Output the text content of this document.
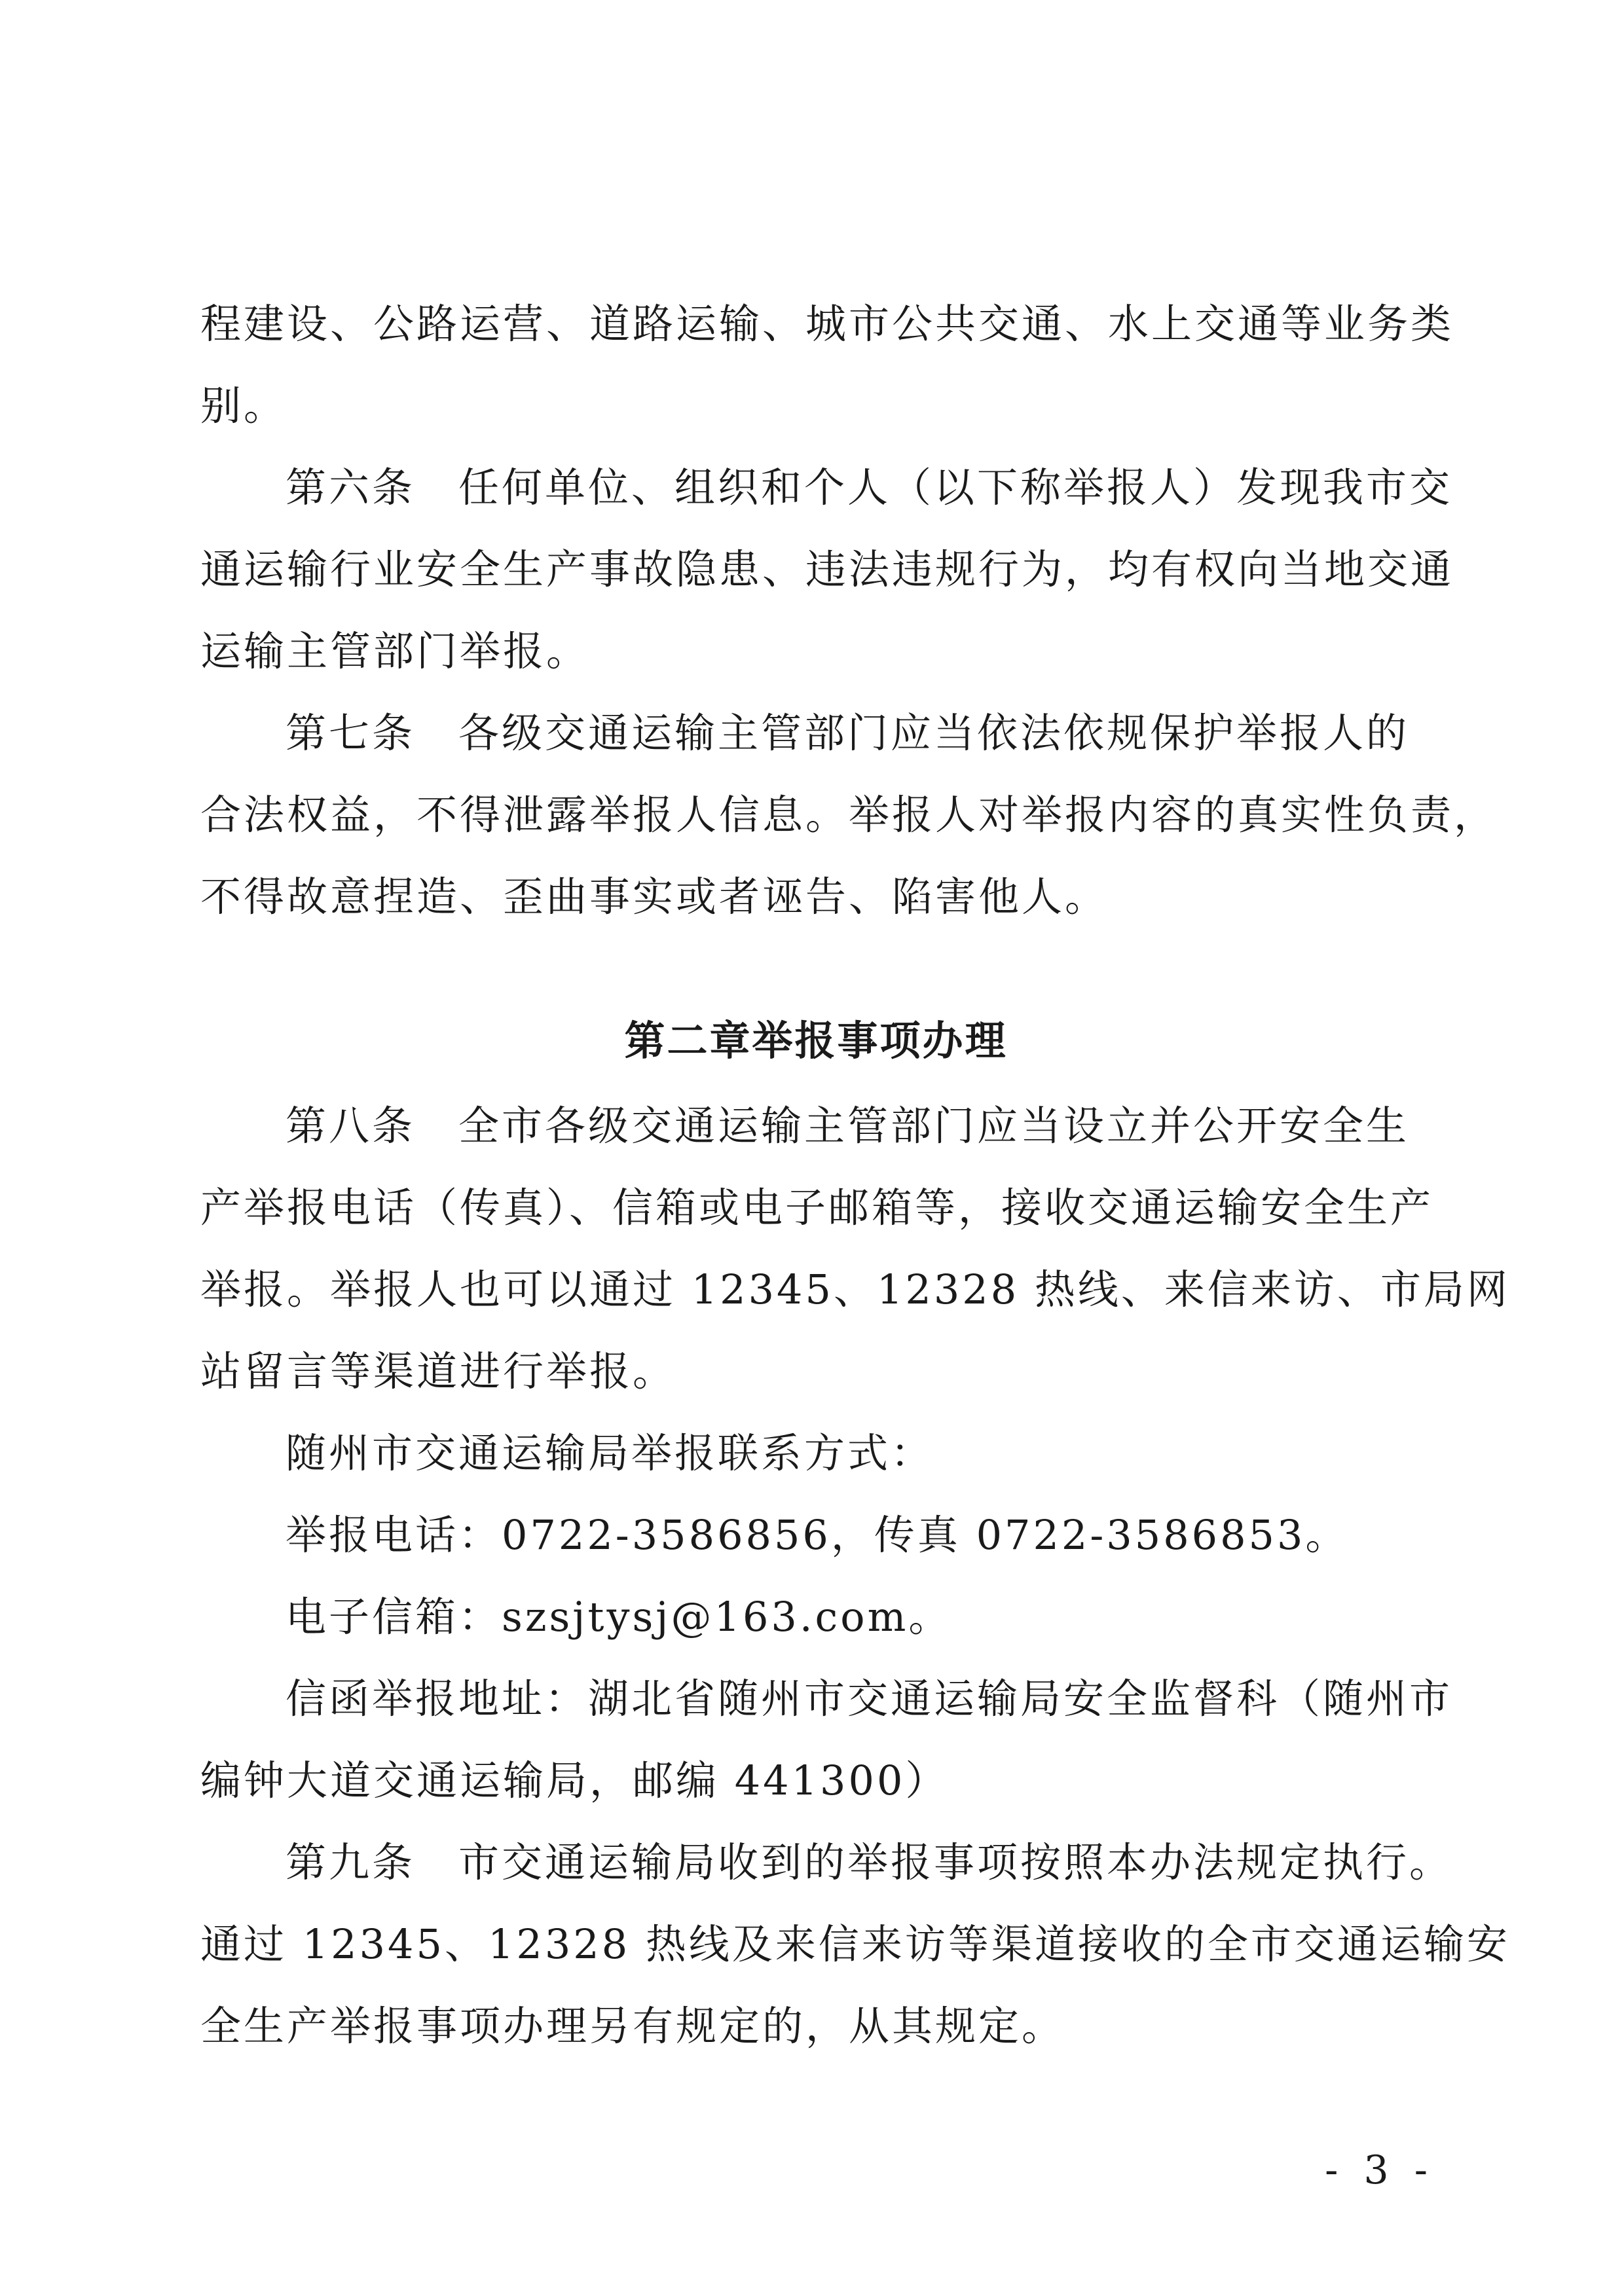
程建设、公路运营、道路运输、城市公共交通、水上交通等业务类
别。
第六条　任何单位、组织和个人（以下称举报人）发现我市交
通运输行业安全生产事故隐患、违法违规行为，均有权向当地交通
运输主管部门举报。
第七条　各级交通运输主管部门应当依法依规保护举报人的
合法权益，不得泄露举报人信息。举报人对举报内容的真实性负责，
不得故意捏造、歪曲事实或者诬告、陷害他人。
第二章举报事项办理
第八条　全市各级交通运输主管部门应当设立并公开安全生
产举报电话（传真）、信箱或电子邮箱等，接收交通运输安全生产
举报。举报人也可以通过 12345、12328 热线、来信来访、市局网
站留言等渠道进行举报。
随州市交通运输局举报联系方式：
举报电话：0722-3586856，传真 0722-3586853。
电子信箱：szsjtysj@163.com。
信函举报地址：湖北省随州市交通运输局安全监督科（随州市
编钟大道交通运输局，邮编 441300）
第九条　市交通运输局收到的举报事项按照本办法规定执行。
通过 12345、12328 热线及来信来访等渠道接收的全市交通运输安
全生产举报事项办理另有规定的，从其规定。
- 3 -
